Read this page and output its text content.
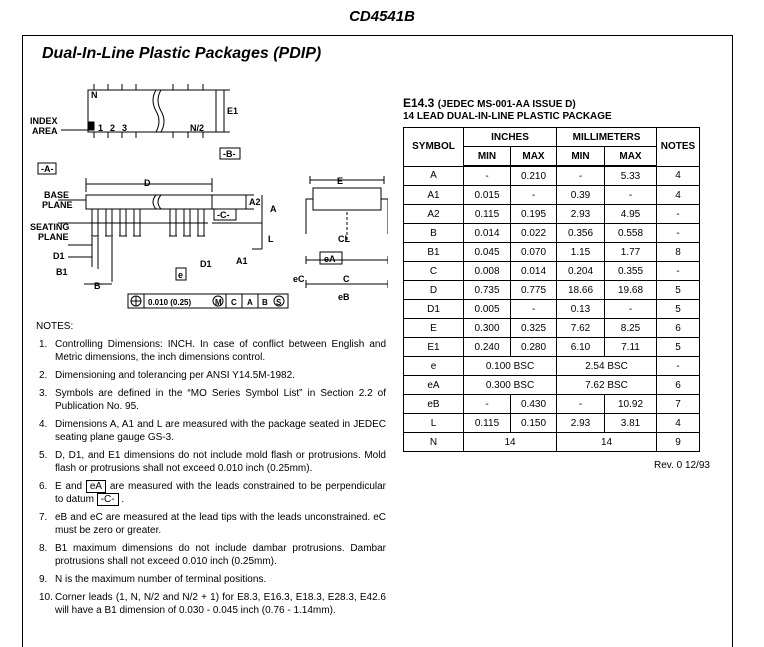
CD4541B
Dual-In-Line Plastic Packages (PDIP)
N
INDEX
AREA	1 2 3	N/2
E1
-B-
-A-
D	E
BASE
PLANE
SEATING
PLANE
-C-
A2
A
L
D1
B1
B
e
D1	A1	eA
eC	C
eB
CL
0.010 (0.25)	M C A B S
NOTES:
1. Controlling Dimensions: INCH. In case of conflict between English and Metric dimensions, the inch dimensions control.
2. Dimensioning and tolerancing per ANSI Y14.5M-1982.
3. Symbols are defined in the “MO Series Symbol List” in Section 2.2 of Publication No. 95.
4. Dimensions A, A1 and L are measured with the package seated in JEDEC seating plane gauge GS-3.
5. D, D1, and E1 dimensions do not include mold flash or protrusions. Mold flash or protrusions shall not exceed 0.010 inch (0.25mm).
6. E and eA are measured with the leads constrained to be perpendicular to datum -C- .
7. eB and eC are measured at the lead tips with the leads unconstrained. eC must be zero or greater.
8. B1 maximum dimensions do not include dambar protrusions. Dambar protrusions shall not exceed 0.010 inch (0.25mm).
9. N is the maximum number of terminal positions.
10. Corner leads (1, N, N/2 and N/2 + 1) for E8.3, E16.3, E18.3, E28.3, E42.6 will have a B1 dimension of 0.030 - 0.045 inch (0.76 - 1.14mm).
E14.3 (JEDEC MS-001-AA ISSUE D)
14 LEAD DUAL-IN-LINE PLASTIC PACKAGE
SYMBOL	INCHES		MILLIMETERS		NOTES
	MIN	MAX	MIN	MAX	
A	-	0.210	-	5.33	4
A1	0.015	-	0.39	-	4
A2	0.115	0.195	2.93	4.95	-
B	0.014	0.022	0.356	0.558	-
B1	0.045	0.070	1.15	1.77	8
C	0.008	0.014	0.204	0.355	-
D	0.735	0.775	18.66	19.68	5
D1	0.005	-	0.13	-	5
E	0.300	0.325	7.62	8.25	6
E1	0.240	0.280	6.10	7.11	5
e	0.100 BSC		2.54 BSC		-
eA	0.300 BSC		7.62 BSC		6
eB	-	0.430	-	10.92	7
L	0.115	0.150	2.93	3.81	4
N	14		14		9
Rev. 0 12/93
